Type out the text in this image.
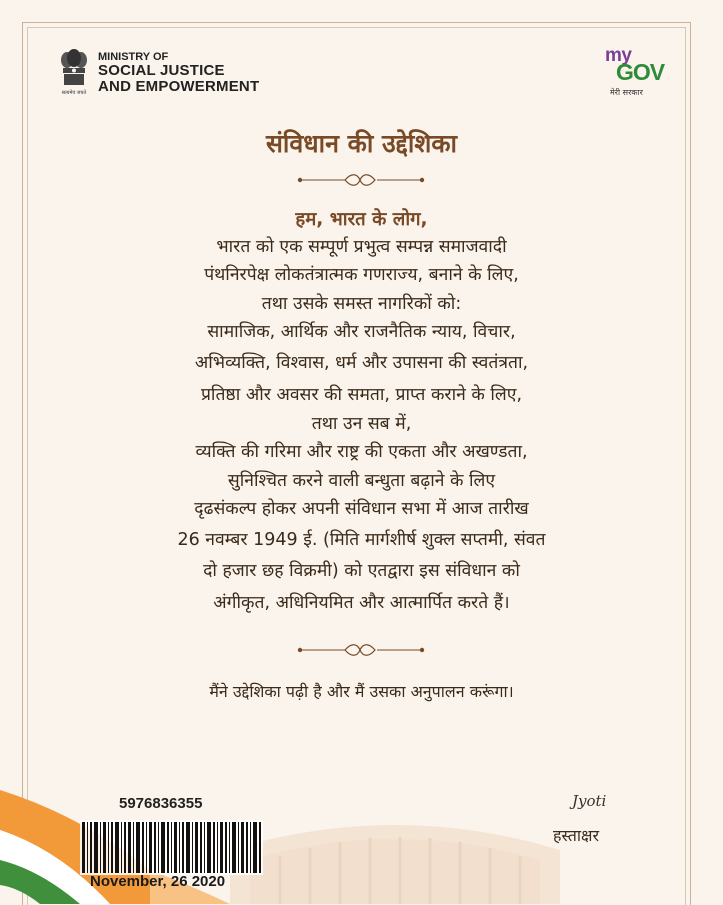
सत्यमेव जयते
MINISTRY OF
SOCIAL JUSTICE
AND EMPOWERMENT
my
GOV
मेरी सरकार
संविधान की उद्देशिका
हम, भारत के लोग,
भारत को एक सम्पूर्ण प्रभुत्व सम्पन्न समाजवादी
पंथनिरपेक्ष लोकतंत्रात्मक गणराज्य, बनाने के लिए,
तथा उसके समस्त नागरिकों को:
सामाजिक, आर्थिक और राजनैतिक न्याय, विचार,
अभिव्यक्ति, विश्वास, धर्म और उपासना की स्वतंत्रता,
प्रतिष्ठा और अवसर की समता, प्राप्त कराने के लिए,
तथा उन सब में,
व्यक्ति की गरिमा और राष्ट्र की एकता और अखण्डता,
सुनिश्चित करने वाली बन्धुता बढ़ाने के लिए
दृढसंकल्प होकर अपनी संविधान सभा में आज तारीख
26 नवम्बर 1949 ई. (मिति मार्गशीर्ष शुक्ल सप्तमी, संवत
दो हजार छह विक्रमी) को एतद्वारा इस संविधान को
अंगीकृत, अधिनियमित और आत्मार्पित करते हैं।
मैंने उद्देशिका पढ़ी है और मैं उसका अनुपालन करूंगा।
5976836355
November, 26 2020
Jyoti
हस्ताक्षर
